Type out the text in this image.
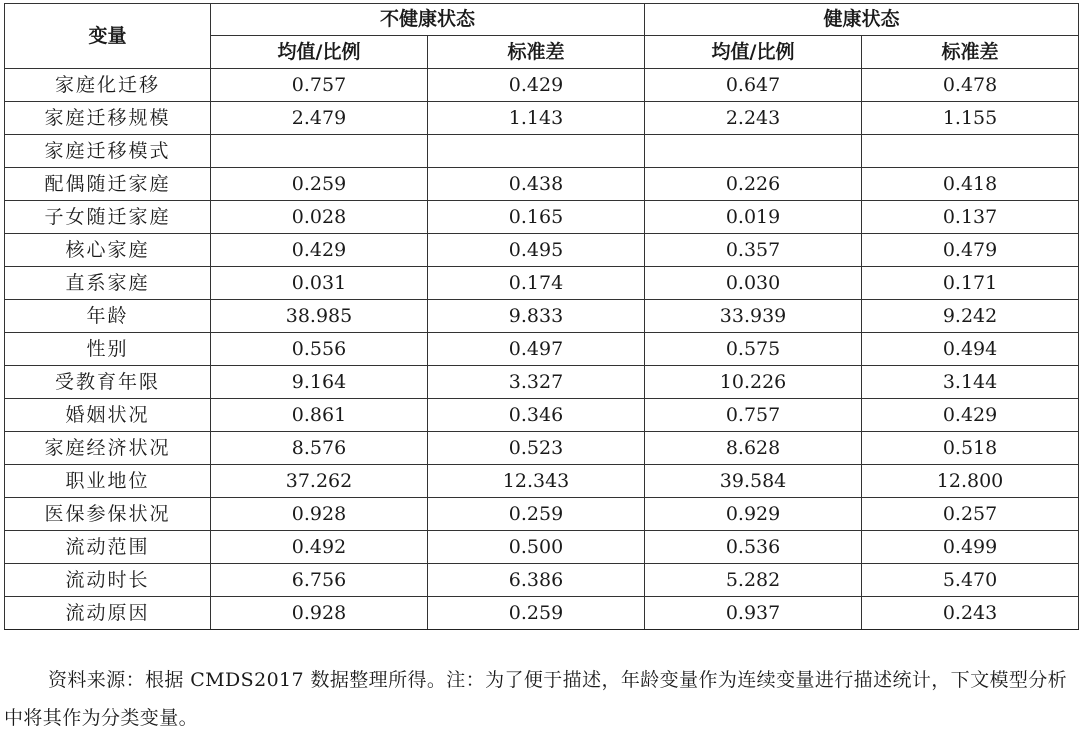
变量	不健康状态		健康状态	
	均值/比例	标准差	均值/比例	标准差
家庭化迁移	0.757	0.429	0.647	0.478
家庭迁移规模	2.479	1.143	2.243	1.155
家庭迁移模式				
配偶随迁家庭	0.259	0.438	0.226	0.418
子女随迁家庭	0.028	0.165	0.019	0.137
核心家庭	0.429	0.495	0.357	0.479
直系家庭	0.031	0.174	0.030	0.171
年龄	38.985	9.833	33.939	9.242
性别	0.556	0.497	0.575	0.494
受教育年限	9.164	3.327	10.226	3.144
婚姻状况	0.861	0.346	0.757	0.429
家庭经济状况	8.576	0.523	8.628	0.518
职业地位	37.262	12.343	39.584	12.800
医保参保状况	0.928	0.259	0.929	0.257
流动范围	0.492	0.500	0.536	0.499
流动时长	6.756	6.386	5.282	5.470
流动原因	0.928	0.259	0.937	0.243

资料来源：根据 CMDS2017 数据整理所得。注：为了便于描述，年龄变量作为连续变量进行描述统计，下文模型分析中将其作为分类变量。
